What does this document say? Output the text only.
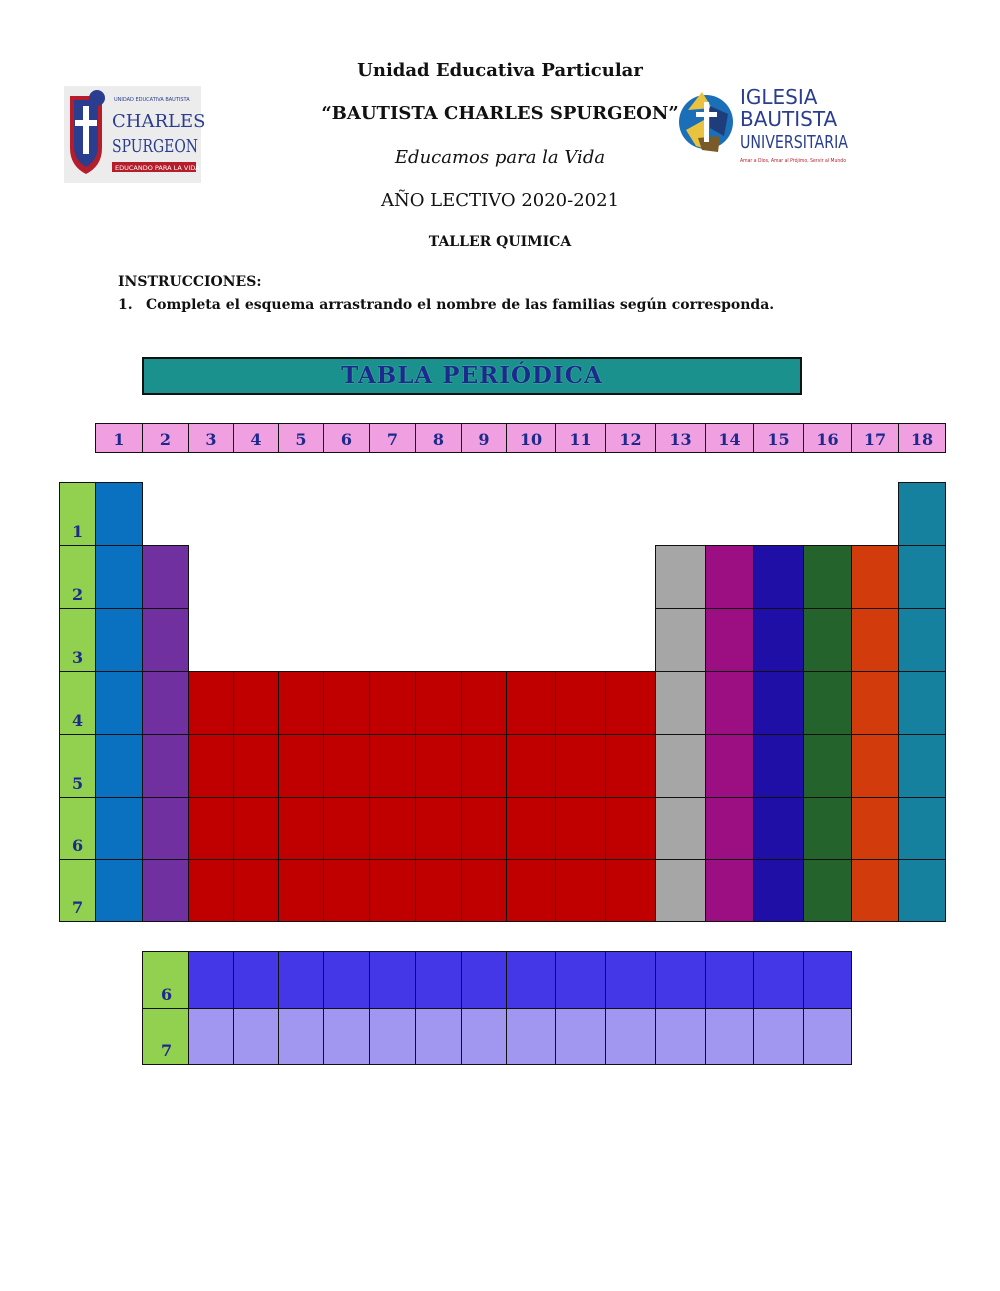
Unidad Educativa Particular
“BAUTISTA CHARLES SPURGEON”
Educamos para la Vida
AÑO LECTIVO 2020-2021
TALLER QUIMICA
UNIDAD EDUCATIVA BAUTISTA
CHARLES
SPURGEON
EDUCANDO PARA LA VIDA
IGLESIA
BAUTISTA
UNIVERSITARIA
Amar a Dios, Amar al Prójimo, Servir al Mundo
INSTRUCCIONES:
1. Completa el esquema arrastrando el nombre de las familias según corresponda.
TABLA PERIÓDICA
1	2	3	4	5	6	7	8	9	10	11	12	13	14	15	16	17	18
1
2
3
4
5
6
7
6
7
